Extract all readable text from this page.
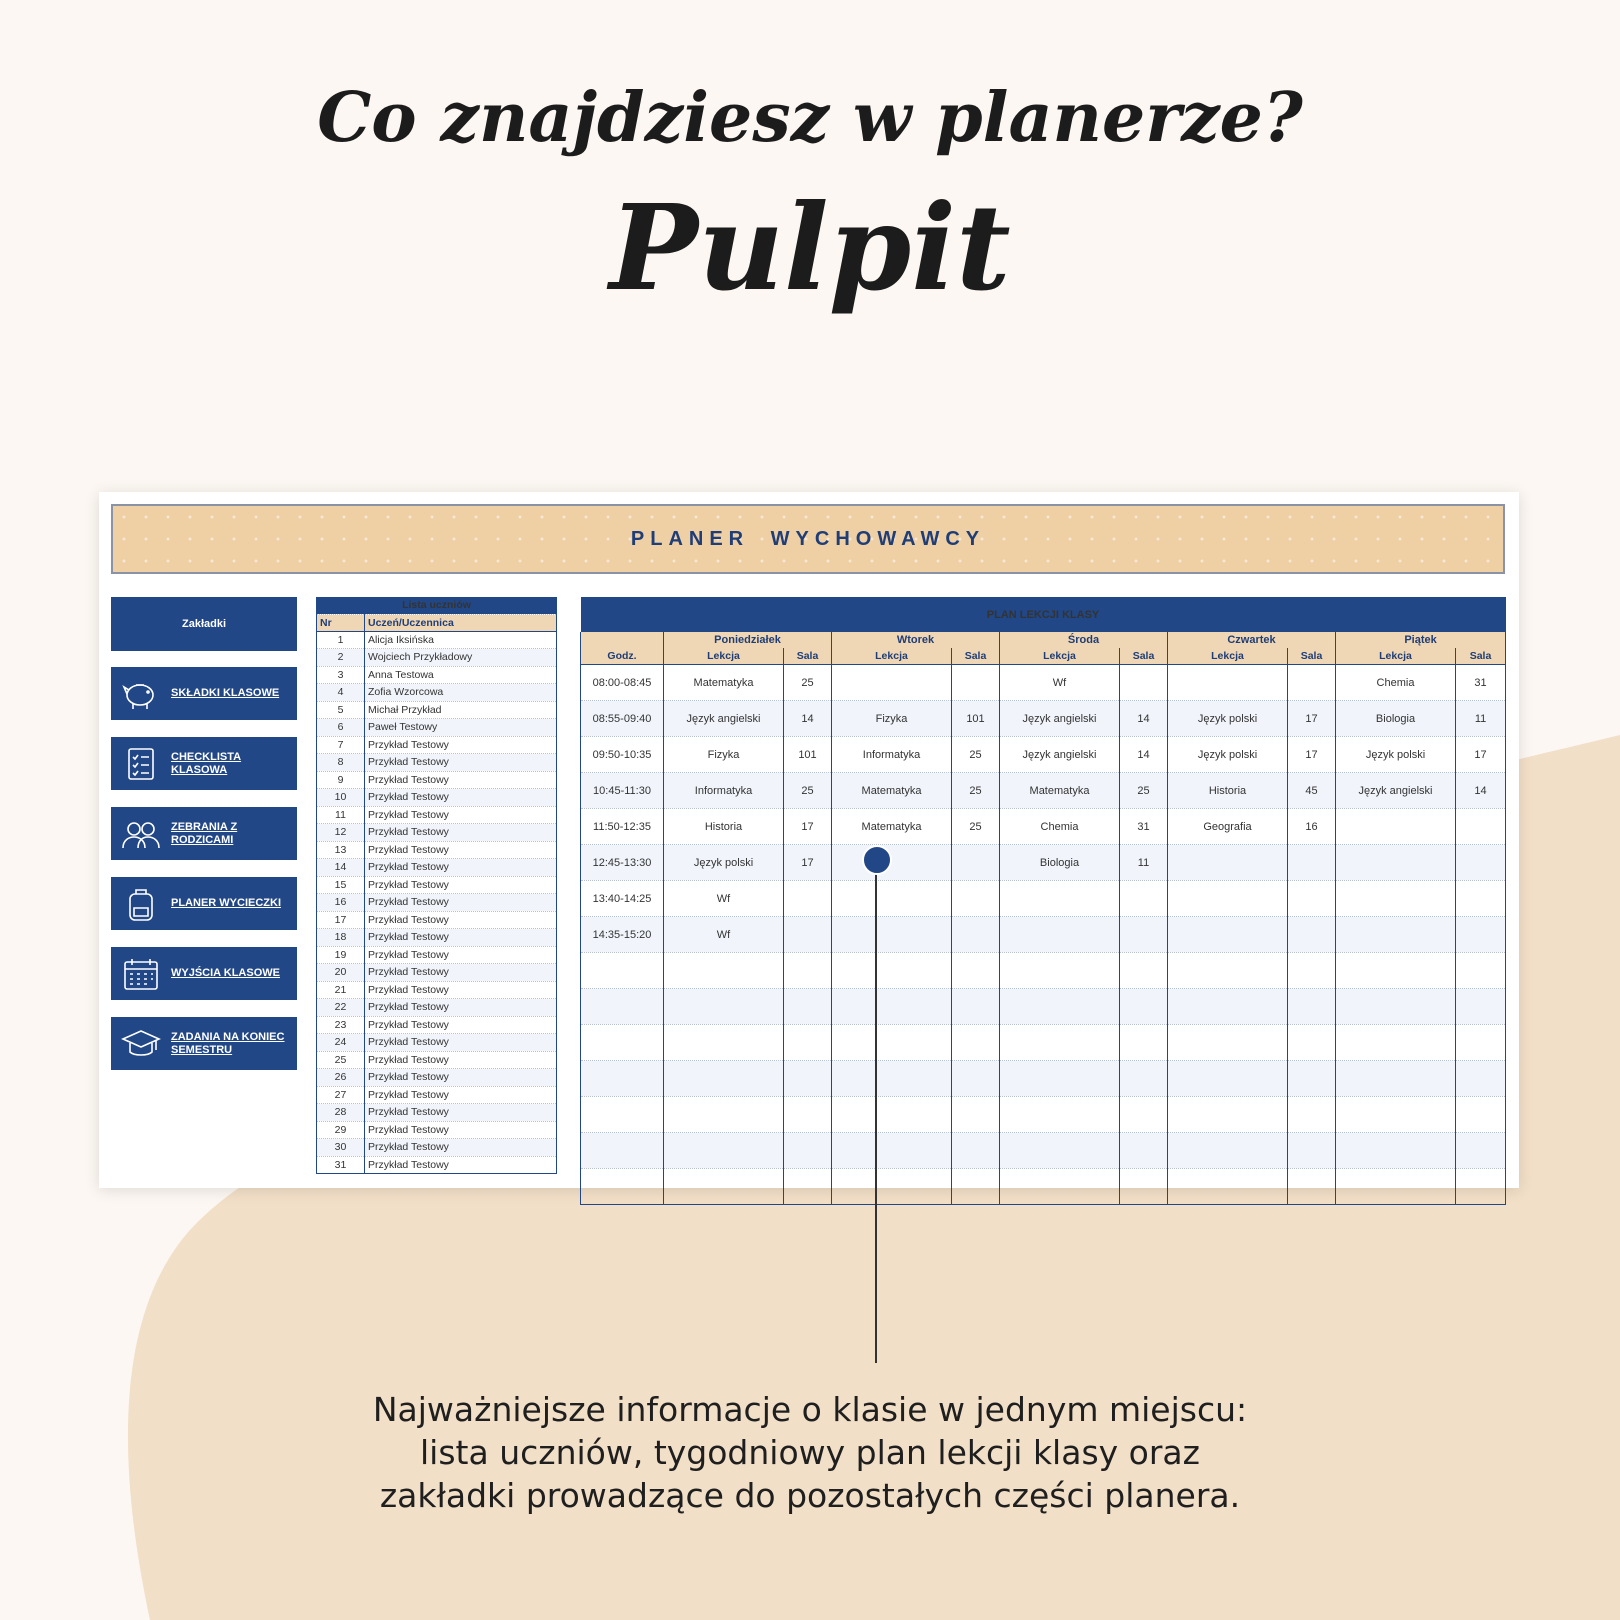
Co znajdziesz w planerze?
Pulpit
PLANER WYCHOWAWCY
Zakładki
SKŁADKI KLASOWE
CHECKLISTA KLASOWA
ZEBRANIA Z RODZICAMI
PLANER WYCIECZKI
WYJŚCIA KLASOWE
ZADANIA NA KONIEC SEMESTRU
Lista uczniów	
Nr	Uczeń/Uczennica
1	Alicja Iksińska
2	Wojciech Przykładowy
3	Anna Testowa
4	Zofia Wzorcowa
5	Michał Przykład
6	Paweł Testowy
7	Przykład Testowy
8	Przykład Testowy
9	Przykład Testowy
10	Przykład Testowy
11	Przykład Testowy
12	Przykład Testowy
13	Przykład Testowy
14	Przykład Testowy
15	Przykład Testowy
16	Przykład Testowy
17	Przykład Testowy
18	Przykład Testowy
19	Przykład Testowy
20	Przykład Testowy
21	Przykład Testowy
22	Przykład Testowy
23	Przykład Testowy
24	Przykład Testowy
25	Przykład Testowy
26	Przykład Testowy
27	Przykład Testowy
28	Przykład Testowy
29	Przykład Testowy
30	Przykład Testowy
31	Przykład Testowy
PLAN LEKCJI KLASY										
	Poniedziałek		Wtorek		Środa		Czwartek		Piątek	
Godz.	Lekcja	Sala	Lekcja	Sala	Lekcja	Sala	Lekcja	Sala	Lekcja	Sala
08:00-08:45	Matematyka	25			Wf				Chemia	31
08:55-09:40	Język angielski	14	Fizyka	101	Język angielski	14	Język polski	17	Biologia	11
09:50-10:35	Fizyka	101	Informatyka	25	Język angielski	14	Język polski	17	Język polski	17
10:45-11:30	Informatyka	25	Matematyka	25	Matematyka	25	Historia	45	Język angielski	14
11:50-12:35	Historia	17	Matematyka	25	Chemia	31	Geografia	16		
12:45-13:30	Język polski	17			Biologia	11				
13:40-14:25	Wf									
14:35-15:20	Wf									

Najważniejsze informacje o klasie w jednym miejscu:
lista uczniów, tygodniowy plan lekcji klasy oraz
zakładki prowadzące do pozostałych części planera.
